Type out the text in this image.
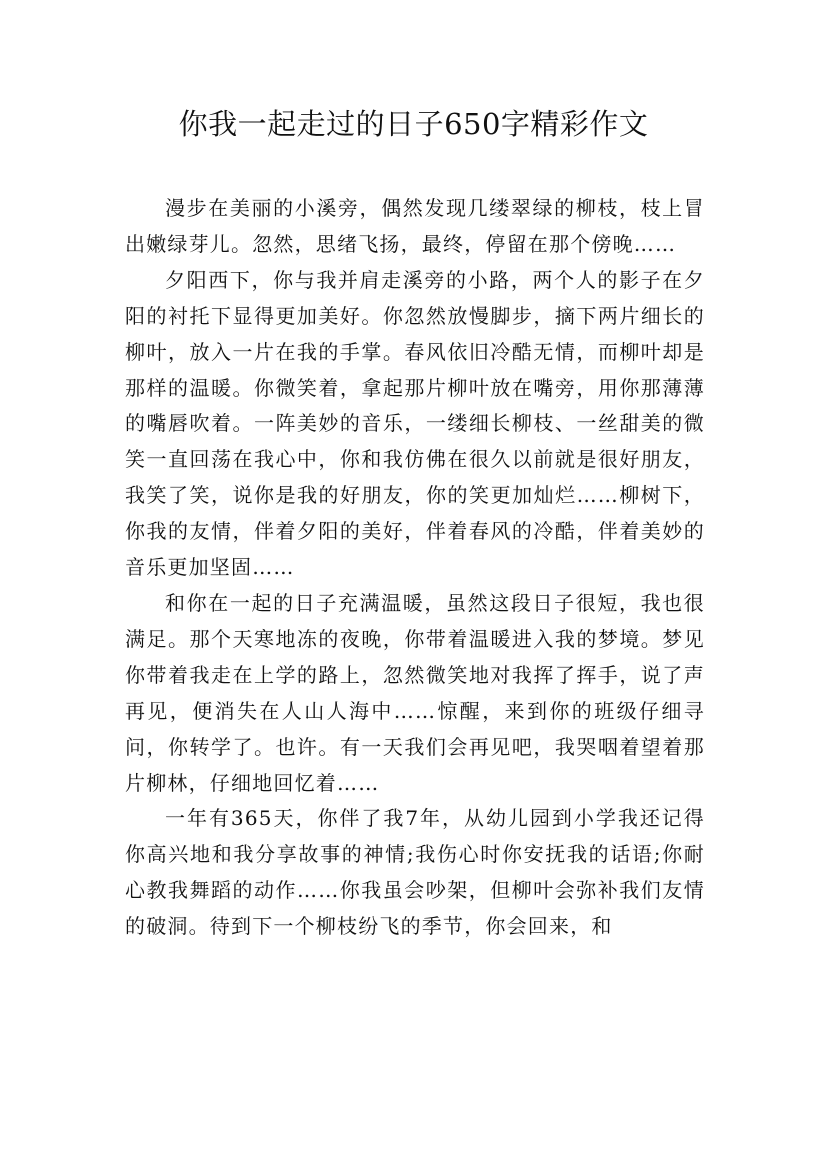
你我一起走过的日子650字精彩作文

漫步在美丽的小溪旁，偶然发现几缕翠绿的柳枝，枝上冒出嫩绿芽儿。忽然，思绪飞扬，最终，停留在那个傍晚……

夕阳西下，你与我并肩走溪旁的小路，两个人的影子在夕阳的衬托下显得更加美好。你忽然放慢脚步，摘下两片细长的柳叶，放入一片在我的手掌。春风依旧冷酷无情，而柳叶却是那样的温暖。你微笑着，拿起那片柳叶放在嘴旁，用你那薄薄的嘴唇吹着。一阵美妙的音乐，一缕细长柳枝、一丝甜美的微笑一直回荡在我心中，你和我仿佛在很久以前就是很好朋友，我笑了笑，说你是我的好朋友，你的笑更加灿烂……柳树下，你我的友情，伴着夕阳的美好，伴着春风的冷酷，伴着美妙的音乐更加坚固……

和你在一起的日子充满温暖，虽然这段日子很短，我也很满足。那个天寒地冻的夜晚，你带着温暖进入我的梦境。梦见你带着我走在上学的路上，忽然微笑地对我挥了挥手，说了声再见，便消失在人山人海中……惊醒，来到你的班级仔细寻问，你转学了。也许。有一天我们会再见吧，我哭咽着望着那片柳林，仔细地回忆着……

一年有365天，你伴了我7年，从幼儿园到小学我还记得你高兴地和我分享故事的神情;我伤心时你安抚我的话语;你耐心教我舞蹈的动作……你我虽会吵架，但柳叶会弥补我们友情的破洞。待到下一个柳枝纷飞的季节，你会回来，和
